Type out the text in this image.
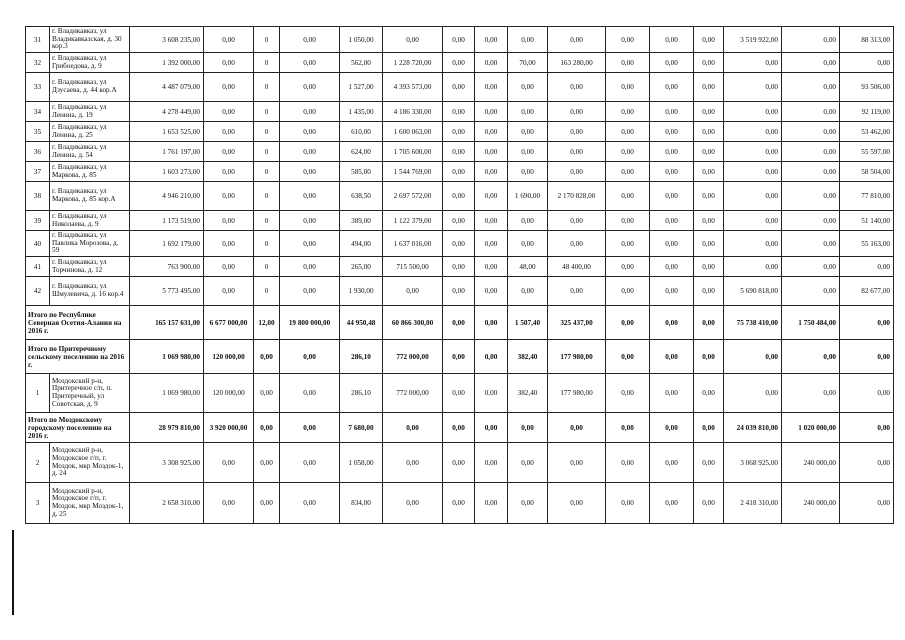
31	г. Владикавказ, ул Владикавказская, д. 30 кор.3	3 608 235,00	0,00	0	0,00	1 050,00	0,00	0,00	0,00	0,00	0,00	0,00	0,00	0,00	3 519 922,00	0,00	88 313,00
32	г. Владикавказ, ул Грибоедова, д. 9	1 392 000,00	0,00	0	0,00	562,00	1 228 720,00	0,00	0,00	70,00	163 280,00	0,00	0,00	0,00	0,00	0,00	0,00
33	г. Владикавказ, ул Дзусаева, д. 44 кор.А	4 487 079,00	0,00	0	0,00	1 527,00	4 393 573,00	0,00	0,00	0,00	0,00	0,00	0,00	0,00	0,00	0,00	93 506,00
34	г. Владикавказ, ул Ленина, д. 19	4 278 449,00	0,00	0	0,00	1 435,00	4 186 330,00	0,00	0,00	0,00	0,00	0,00	0,00	0,00	0,00	0,00	92 119,00
35	г. Владикавказ, ул Ленина, д. 25	1 653 525,00	0,00	0	0,00	610,00	1 600 063,00	0,00	0,00	0,00	0,00	0,00	0,00	0,00	0,00	0,00	53 462,00
36	г. Владикавказ, ул Ленина, д. 54	1 761 197,00	0,00	0	0,00	624,00	1 705 600,00	0,00	0,00	0,00	0,00	0,00	0,00	0,00	0,00	0,00	55 597,00
37	г. Владикавказ, ул Маркова, д. 85	1 603 273,00	0,00	0	0,00	585,00	1 544 769,00	0,00	0,00	0,00	0,00	0,00	0,00	0,00	0,00	0,00	58 504,00
38	г. Владикавказ, ул Маркова, д. 85 кор.А	4 946 210,00	0,00	0	0,00	638,50	2 697 572,00	0,00	0,00	1 690,00	2 170 828,00	0,00	0,00	0,00	0,00	0,00	77 810,00
39	г. Владикавказ, ул Николаева, д. 9	1 173 519,00	0,00	0	0,00	389,00	1 122 379,00	0,00	0,00	0,00	0,00	0,00	0,00	0,00	0,00	0,00	51 140,00
40	г. Владикавказ, ул Павлика Морозова, д. 59	1 692 179,00	0,00	0	0,00	494,00	1 637 016,00	0,00	0,00	0,00	0,00	0,00	0,00	0,00	0,00	0,00	55 163,00
41	г. Владикавказ, ул Торчинова, д. 12	763 900,00	0,00	0	0,00	265,00	715 500,00	0,00	0,00	48,00	48 400,00	0,00	0,00	0,00	0,00	0,00	0,00
42	г. Владикавказ, ул Шмулевича, д. 16 кор.4	5 773 495,00	0,00	0	0,00	1 930,00	0,00	0,00	0,00	0,00	0,00	0,00	0,00	0,00	5 690 818,00	0,00	82 677,00
Итого по Республике Северная Осетия-Алания на 2016 г.		165 157 631,00	6 677 000,00	12,00	19 800 000,00	44 950,48	60 866 300,00	0,00	0,00	1 507,40	325 437,00	0,00	0,00	0,00	75 738 410,00	1 750 484,00	0,00
Итого по Притеречному сельскому поселению на 2016 г.		1 069 980,00	120 000,00	0,00	0,00	286,10	772 000,00	0,00	0,00	382,40	177 980,00	0,00	0,00	0,00	0,00	0,00	0,00
1	Моздокский р-н, Притеречное с/п, п. Притеречный, ул Советская, д. 9	1 069 980,00	120 000,00	0,00	0,00	286,10	772 000,00	0,00	0,00	382,40	177 980,00	0,00	0,00	0,00	0,00	0,00	0,00
Итого по Моздокскому городскому поселению на 2016 г.		28 979 810,00	3 920 000,00	0,00	0,00	7 680,00	0,00	0,00	0,00	0,00	0,00	0,00	0,00	0,00	24 039 810,00	1 020 000,00	0,00
2	Моздокский р-н, Моздокское г/п, г. Моздок, мкр Моздок-1, д. 24	3 308 925,00	0,00	0,00	0,00	1 058,00	0,00	0,00	0,00	0,00	0,00	0,00	0,00	0,00	3 068 925,00	240 000,00	0,00
3	Моздокский р-н, Моздокское г/п, г. Моздок, мкр Моздок-1, д. 25	2 658 310,00	0,00	0,00	0,00	834,00	0,00	0,00	0,00	0,00	0,00	0,00	0,00	0,00	2 418 310,00	240 000,00	0,00
